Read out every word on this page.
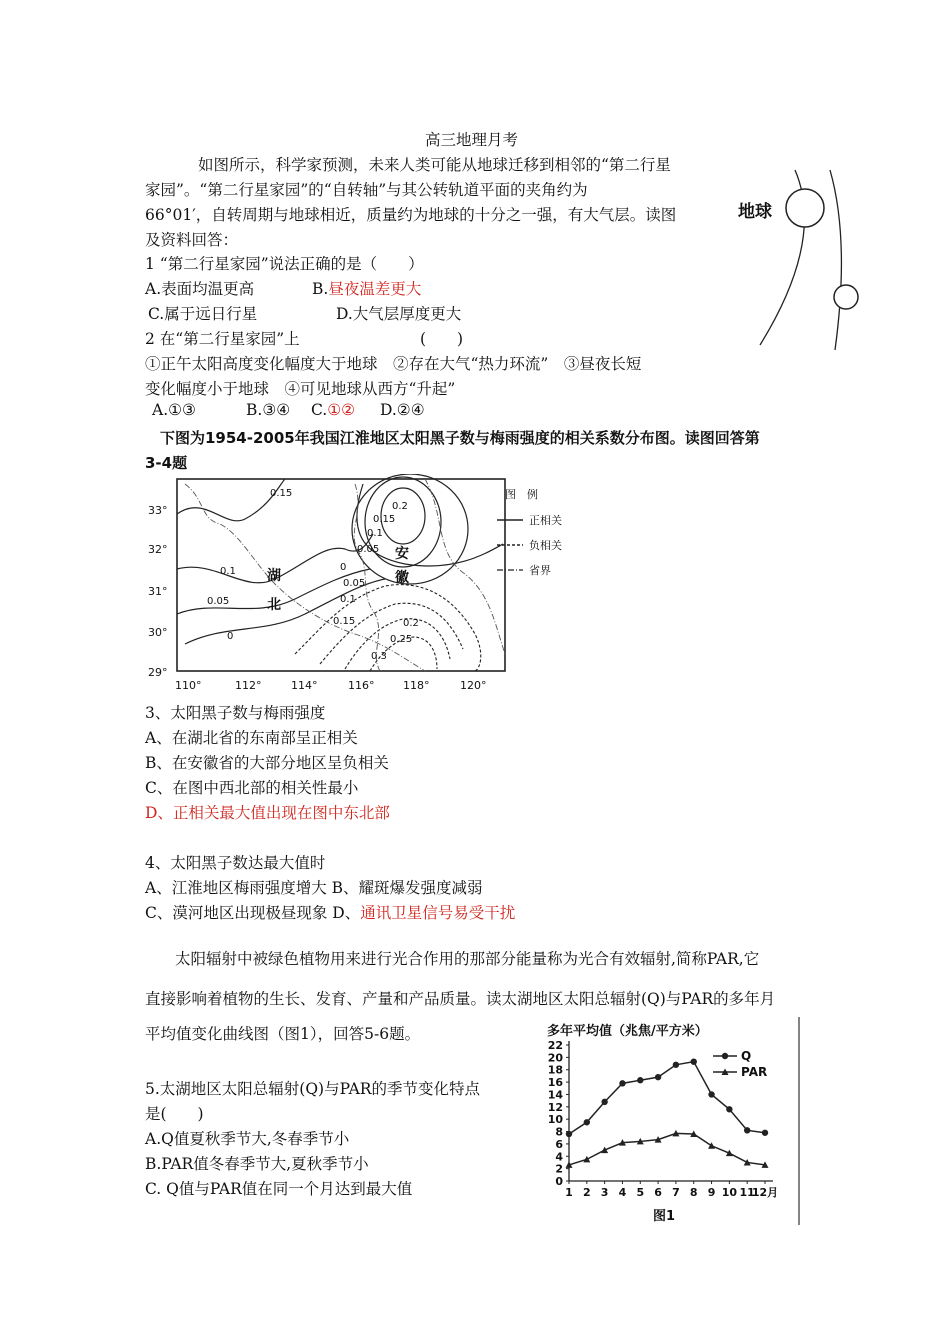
高三地理月考
如图所示，科学家预测，未来人类可能从地球迁移到相邻的“第二行星
家园”。“第二行星家园”的“自转轴”与其公转轨道平面的夹角约为
66°01′，自转周期与地球相近，质量约为地球的十分之一强，有大气层。读图
及资料回答：
地球
1 “第二行星家园”说法正确的是（　　）
A.表面均温更高	B.昼夜温差更大
C.属于远日行星	D.大气层厚度更大
2 在“第二行星家园”上	(　　)
①正午太阳高度变化幅度大于地球　②存在大气“热力环流”　③昼夜长短
变化幅度小于地球　④可见地球从西方“升起”
A.①③	B.③④ C.①② D.②④
下图为1954-2005年我国江淮地区太阳黑子数与梅雨强度的相关系数分布图。读图回答第
3-4题
33°
32°
31°
30°
29°
110°	112°	114°	116°	118°	120°
0.15
0.1
0.05
0
0.2
0.15
0.1
0.05
0
0.05
0.1
0.15	0.2
0.25
0.3
湖
北
安
徽
图　例
正相关
负相关
省界
3、太阳黑子数与梅雨强度
A、在湖北省的东南部呈正相关
B、在安徽省的大部分地区呈负相关
C、在图中西北部的相关性最小
D、正相关最大值出现在图中东北部
4、太阳黑子数达最大值时
A、江淮地区梅雨强度增大 B、耀斑爆发强度减弱
C、漠河地区出现极昼现象 D、通讯卫星信号易受干扰
太阳辐射中被绿色植物用来进行光合作用的那部分能量称为光合有效辐射,简称PAR,它
直接影响着植物的生长、发育、产量和产品质量。读太湖地区太阳总辐射(Q)与PAR的多年月
平均值变化曲线图（图1），回答5-6题。
5.太湖地区太阳总辐射(Q)与PAR的季节变化特点
是(　　)
A.Q值夏秋季节大,冬春季节小
B.PAR值冬春季节大,夏秋季节小
C. Q值与PAR值在同一个月达到最大值
多年平均值（兆焦/平方米）
0
2
4
6
8
10
12
14
16
18
20
22
1 2 3 4 5 6 7 8 9 10 11
12月
Q
PAR
图1
